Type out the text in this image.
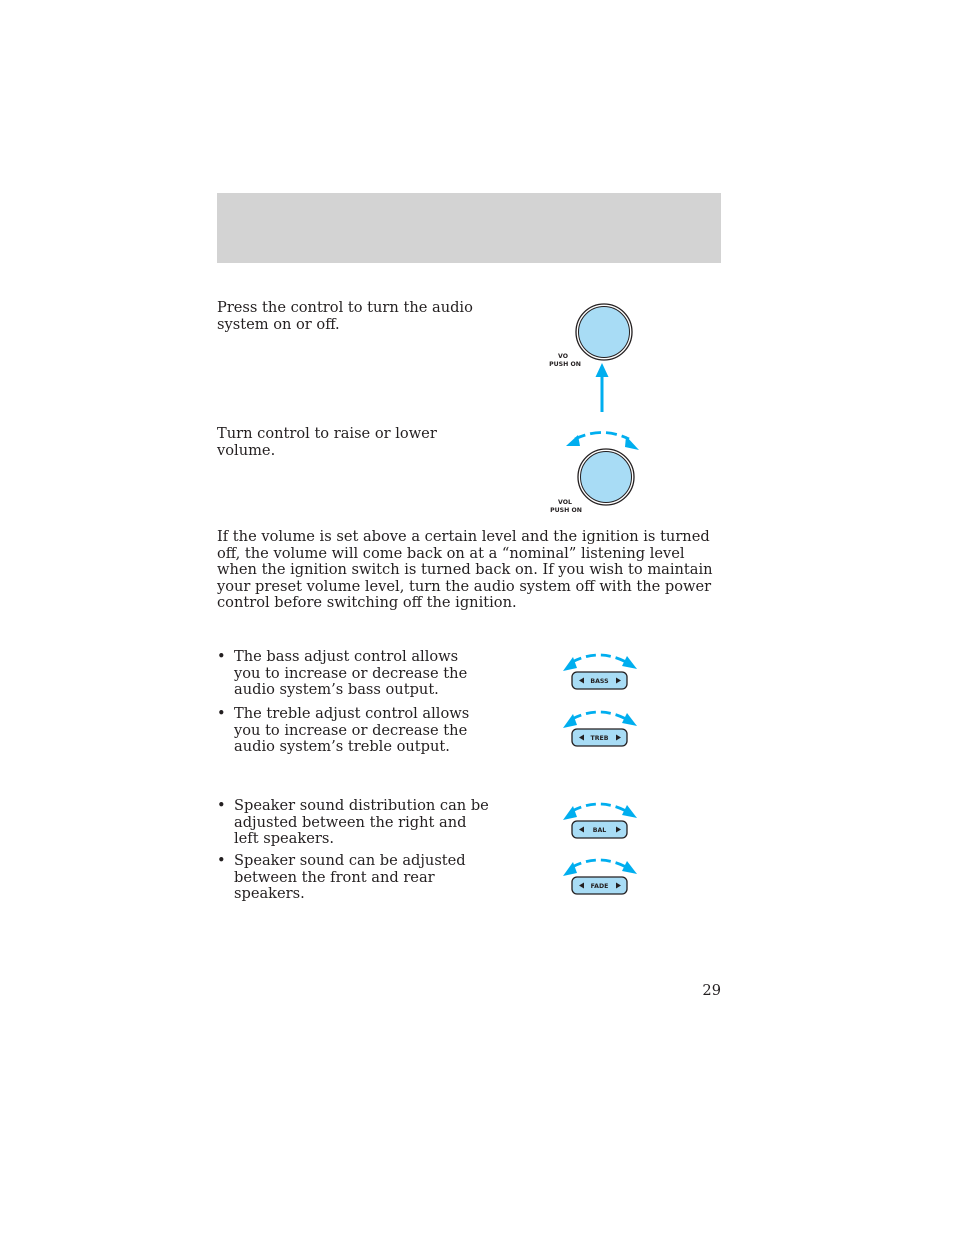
Press the control to turn the audio system on or off.

VO
PUSH ON

Turn control to raise or lower volume.

VOL
PUSH ON

If the volume is set above a certain level and the ignition is turned off, the volume will come back on at a “nominal” listening level when the ignition switch is turned back on. If you wish to maintain your preset volume level, turn the audio system off with the power control before switching off the ignition.

• The bass adjust control allows you to increase or decrease the audio system’s bass output.
• The treble adjust control allows you to increase or decrease the audio system’s treble output.
• Speaker sound distribution can be adjusted between the right and left speakers.
• Speaker sound can be adjusted between the front and rear speakers.
BASS
TREB
BAL
FADE
29
